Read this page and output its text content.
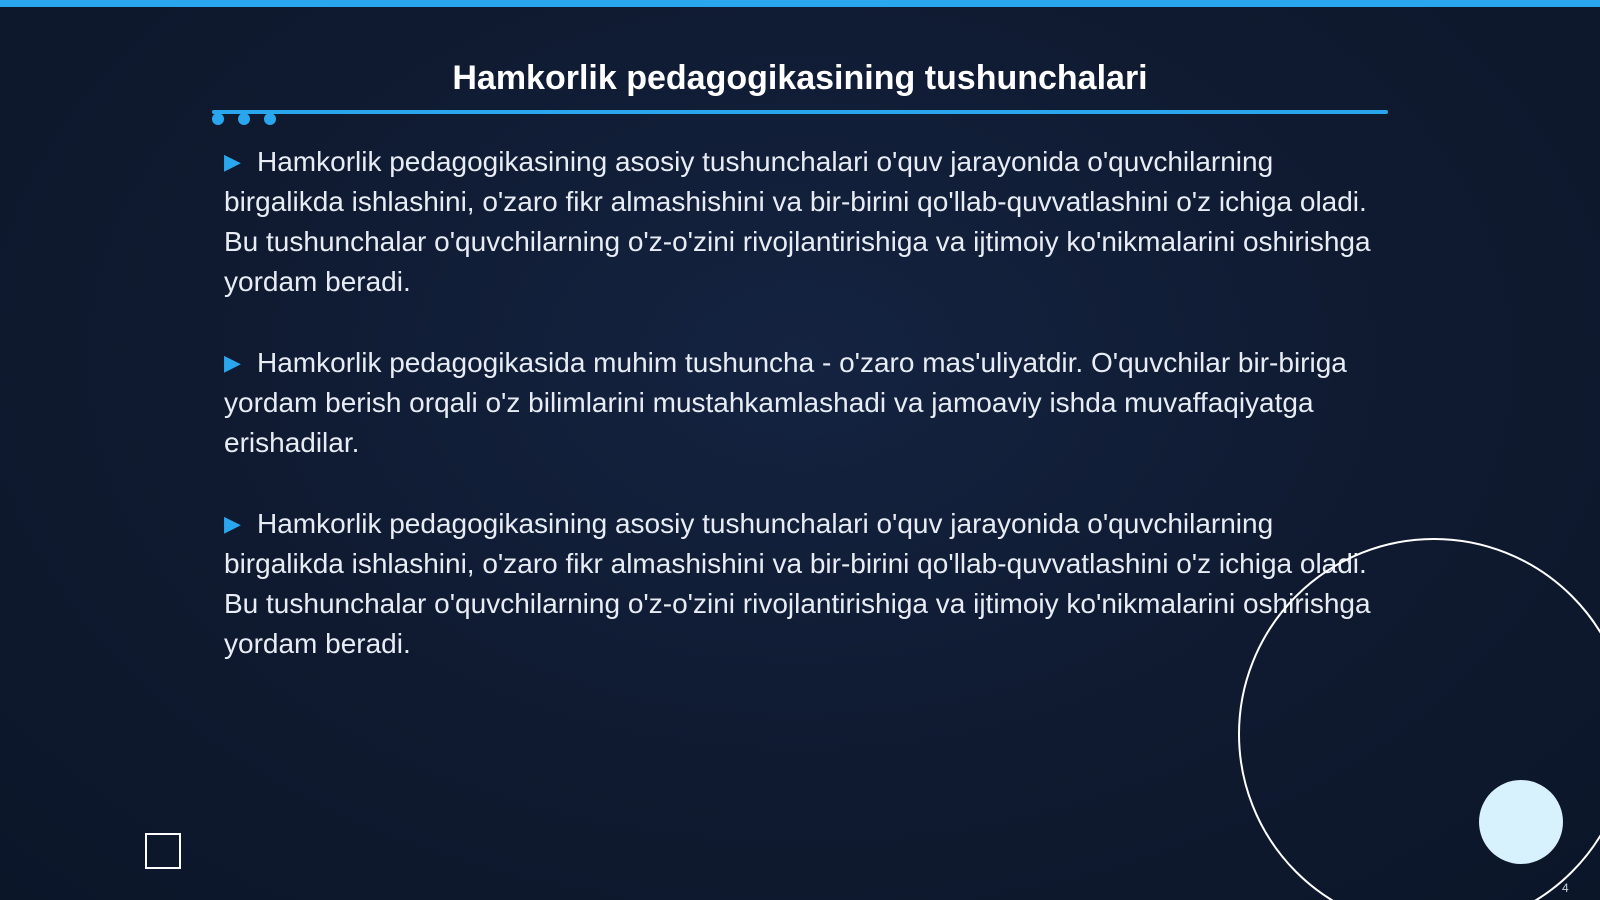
Hamkorlik pedagogikasining tushunchalari
▶ Hamkorlik pedagogikasining asosiy tushunchalari o'quv jarayonida o'quvchilarning birgalikda ishlashini, o'zaro fikr almashishini va bir-birini qo'llab-quvvatlashini o'z ichiga oladi. Bu tushunchalar o'quvchilarning o'z-o'zini rivojlantirishiga va ijtimoiy ko'nikmalarini oshirishga yordam beradi.
▶ Hamkorlik pedagogikasida muhim tushuncha - o'zaro mas'uliyatdir. O'quvchilar bir-biriga yordam berish orqali o'z bilimlarini mustahkamlashadi va jamoaviy ishda muvaffaqiyatga erishadilar.
▶ Hamkorlik pedagogikasining asosiy tushunchalari o'quv jarayonida o'quvchilarning birgalikda ishlashini, o'zaro fikr almashishini va bir-birini qo'llab-quvvatlashini o'z ichiga oladi. Bu tushunchalar o'quvchilarning o'z-o'zini rivojlantirishiga va ijtimoiy ko'nikmalarini oshirishga yordam beradi.
4
